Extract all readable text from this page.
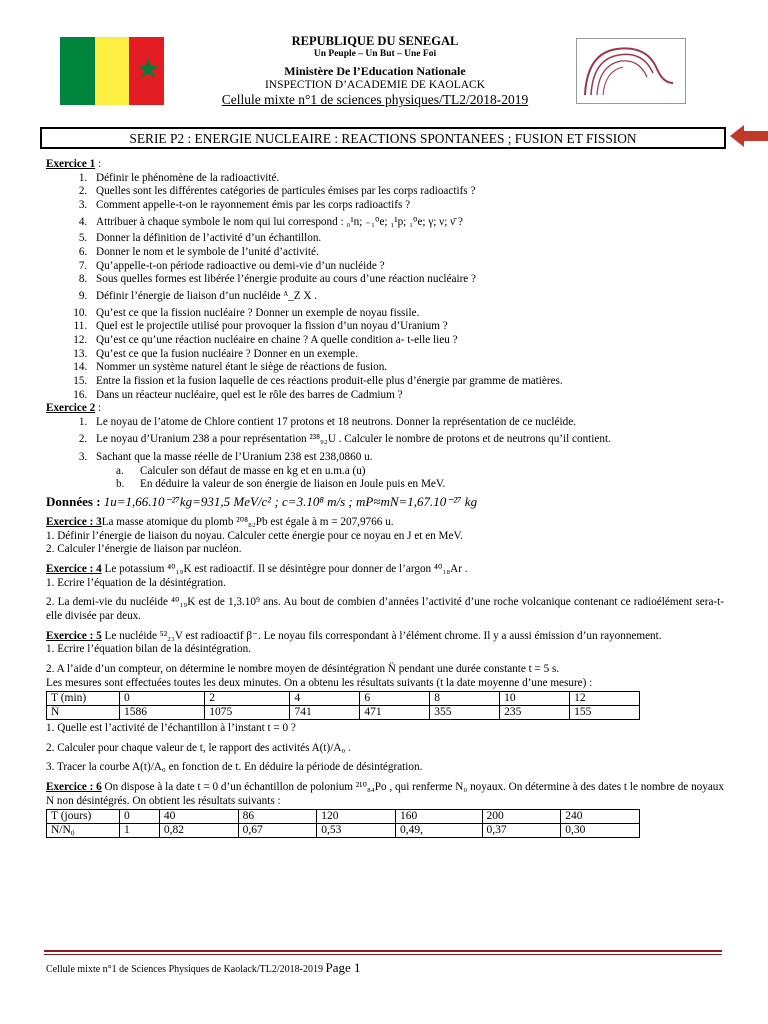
★
REPUBLIQUE DU SENEGAL
Un Peuple – Un But – Une Foi
Ministère De l’Education Nationale
INSPECTION D’ACADEMIE DE KAOLACK
Cellule mixte n°1 de sciences physiques/TL2/2018-2019
SERIE P2 : ENERGIE NUCLEAIRE : REACTIONS SPONTANEES ; FUSION ET FISSION

Exercice 1 :

1. Définir le phénomène de la radioactivité.
2. Quelles sont les différentes catégories de particules émises par les corps radioactifs ?
3. Comment appelle-t-on le rayonnement émis par les corps radioactifs ?
4. Attribuer à chaque symbole le nom qui lui correspond : ₀¹n; ₋₁⁰e; ₁¹p; ₁⁰e; γ; ν; ν̄ ?
5. Donner la définition de l’activité d’un échantillon.
6. Donner le nom et le symbole de l’unité d’activité.
7. Qu’appelle-t-on période radioactive ou demi-vie d’un nucléide ?
8. Sous quelles formes est libérée l’énergie produite au cours d’une réaction nucléaire ?
9. Définir l’énergie de liaison d’un nucléide ᴬ_Z X .
10. Qu’est ce que la fission nucléaire ? Donner un exemple de noyau fissile.
11. Quel est le projectile utilisé pour provoquer la fission d’un noyau d’Uranium ?
12. Qu’est ce qu’une réaction nucléaire en chaine ? A quelle condition a- t-elle lieu ?
13. Qu’est ce que la fusion nucléaire ? Donner en un exemple.
14. Nommer un système naturel étant le siège de réactions de fusion.
15. Entre la fission et la fusion laquelle de ces réactions produit-elle plus d’énergie par gramme de matières.
16. Dans un réacteur nucléaire, quel est le rôle des barres de Cadmium ?

Exercice 2 :

1. Le noyau de l’atome de Chlore contient 17 protons et 18 neutrons. Donner la représentation de ce nucléide.
2. Le noyau d’Uranium 238 a pour représentation ²³⁸₉₂U . Calculer le nombre de protons et de neutrons qu’il contient.
3. Sachant que la masse réelle de l’Uranium 238 est 238,0860 u.

a. Calculer son défaut de masse en kg et en u.m.a (u)

b. En déduire la valeur de son énergie de liaison en Joule puis en MeV.

Données : 1u=1,66.10⁻²⁷kg=931,5 MeV/c² ; c=3.10⁸ m/s ; mP≈mN=1,67.10⁻²⁷ kg

Exercice : 3La masse atomique du plomb ²⁰⁸₈₂Pb est égale à m = 207,9766 u.

1. Définir l’énergie de liaison du noyau. Calculer cette énergie pour ce noyau en J et en MeV.

2. Calculer l’énergie de liaison par nucléon.

Exercice : 4 Le potassium ⁴⁰₁₉K est radioactif. Il se désintègre pour donner de l’argon ⁴⁰₁₈Ar .

1. Ecrire l’équation de la désintégration.

2. La demi-vie du nucléide ⁴⁰₁₉K est de 1,3.10⁹ ans. Au bout de combien d’années l’activité d’une roche volcanique contenant ce radioélément sera-t-elle divisée par deux.

Exercice : 5 Le nucléide ⁵²₂₃V est radioactif β⁻. Le noyau fils correspondant à l’élément chrome. Il y a aussi émission d’un rayonnement.

1. Ecrire l’équation bilan de la désintégration.

2. A l’aide d’un compteur, on détermine le nombre moyen de désintégration N̈ pendant une durée constante t = 5 s.

Les mesures sont effectuées toutes les deux minutes. On a obtenu les résultats suivants (t la date moyenne d’une mesure) :

T (min)	0	2	4	6	8	10	12
N̈	1586	1075	741	471	355	235	155

1. Quelle est l’activité de l’échantillon à l’instant t = 0 ?

2. Calculer pour chaque valeur de t, le rapport des activités A(t)/A₀ .

3. Tracer la courbe A(t)/A₀ en fonction de t. En déduire la période de désintégration.

Exercice : 6 On dispose à la date t = 0 d’un échantillon de polonium ²¹⁰₈₄Po , qui renferme N₀ noyaux. On détermine à des dates t le nombre de noyaux N non désintégrés. On obtient les résultats suivants :

T (jours)	0	40	86	120	160	200	240
N/N₀	1	0,82	0,67	0,53	0,49,	0,37	0,30
Cellule mixte n°1 de Sciences Physiques de Kaolack/TL2/2018-2019 Page 1
